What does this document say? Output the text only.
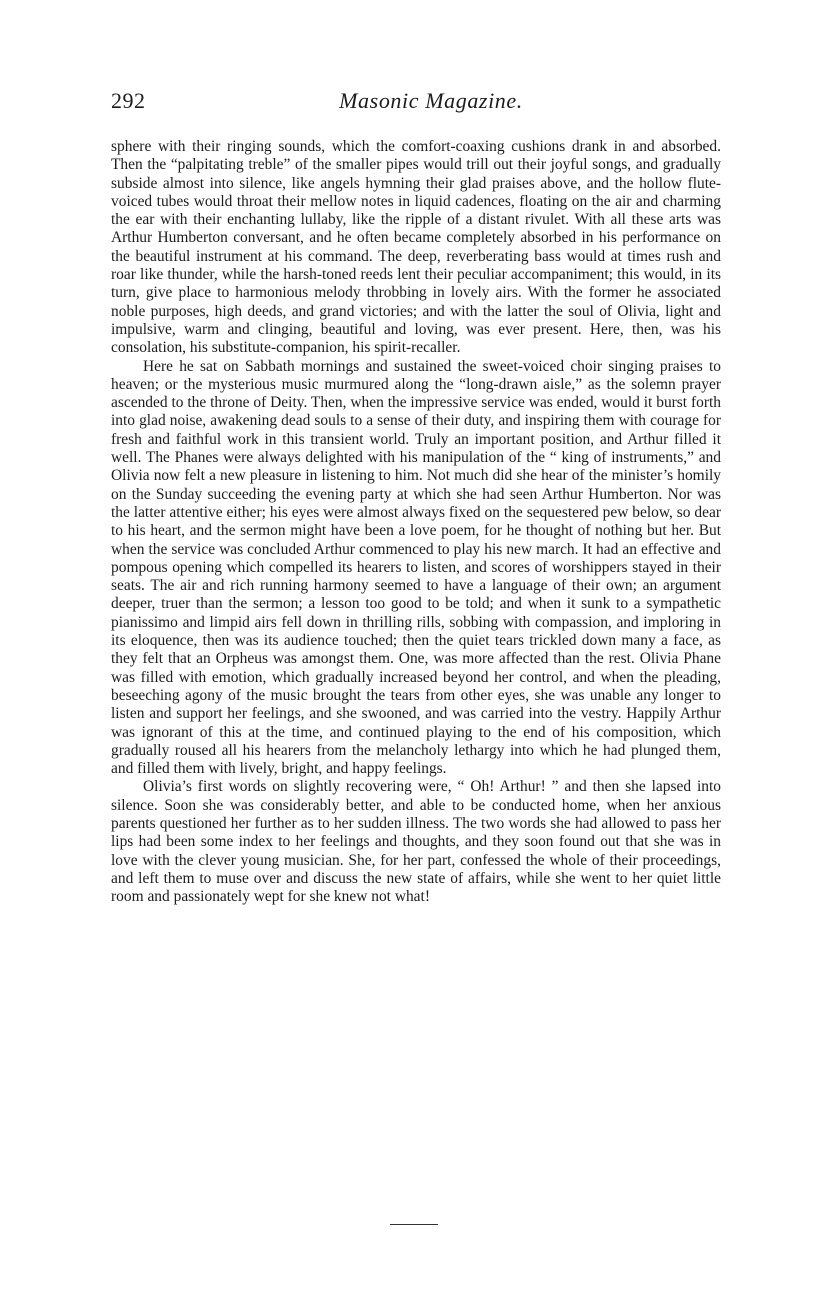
292	Masonic Magazine.

sphere with their ringing sounds, which the comfort-coaxing cushions drank in and absorbed. Then the “palpitating treble” of the smaller pipes would trill out their joyful songs, and gradually subside almost into silence, like angels hymning their glad praises above, and the hollow flute-voiced tubes would throat their mellow notes in liquid cadences, floating on the air and charming the ear with their enchanting lullaby, like the ripple of a distant rivulet. With all these arts was Arthur Humberton conversant, and he often became completely absorbed in his performance on the beautiful instrument at his command. The deep, reverberating bass would at times rush and roar like thunder, while the harsh-toned reeds lent their peculiar accompaniment; this would, in its turn, give place to harmonious melody throbbing in lovely airs. With the former he associated noble purposes, high deeds, and grand victories; and with the latter the soul of Olivia, light and impulsive, warm and clinging, beautiful and loving, was ever present. Here, then, was his consolation, his substitute-companion, his spirit-recaller.

Here he sat on Sabbath mornings and sustained the sweet-voiced choir singing praises to heaven; or the mysterious music murmured along the “long-drawn aisle,” as the solemn prayer ascended to the throne of Deity. Then, when the impressive service was ended, would it burst forth into glad noise, awakening dead souls to a sense of their duty, and inspiring them with courage for fresh and faithful work in this transient world. Truly an important position, and Arthur filled it well. The Phanes were always delighted with his manipulation of the “ king of instruments,” and Olivia now felt a new pleasure in listening to him. Not much did she hear of the minister’s homily on the Sunday succeeding the evening party at which she had seen Arthur Humberton. Nor was the latter attentive either; his eyes were almost always fixed on the sequestered pew below, so dear to his heart, and the sermon might have been a love poem, for he thought of nothing but her. But when the service was concluded Arthur commenced to play his new march. It had an effective and pompous opening which compelled its hearers to listen, and scores of worshippers stayed in their seats. The air and rich running harmony seemed to have a language of their own; an argument deeper, truer than the sermon; a lesson too good to be told; and when it sunk to a sympathetic pianissimo and limpid airs fell down in thrilling rills, sobbing with compassion, and imploring in its eloquence, then was its audience touched; then the quiet tears trickled down many a face, as they felt that an Orpheus was amongst them. One, was more affected than the rest. Olivia Phane was filled with emotion, which gradually increased beyond her control, and when the pleading, beseeching agony of the music brought the tears from other eyes, she was unable any longer to listen and support her feelings, and she swooned, and was carried into the vestry. Happily Arthur was ignorant of this at the time, and continued playing to the end of his composition, which gradually roused all his hearers from the melancholy lethargy into which he had plunged them, and filled them with lively, bright, and happy feelings.

Olivia’s first words on slightly recovering were, “ Oh! Arthur! ” and then she lapsed into silence. Soon she was considerably better, and able to be conducted home, when her anxious parents questioned her further as to her sudden illness. The two words she had allowed to pass her lips had been some index to her feelings and thoughts, and they soon found out that she was in love with the clever young musician. She, for her part, confessed the whole of their proceedings, and left them to muse over and discuss the new state of affairs, while she went to her quiet little room and passionately wept for she knew not what!
